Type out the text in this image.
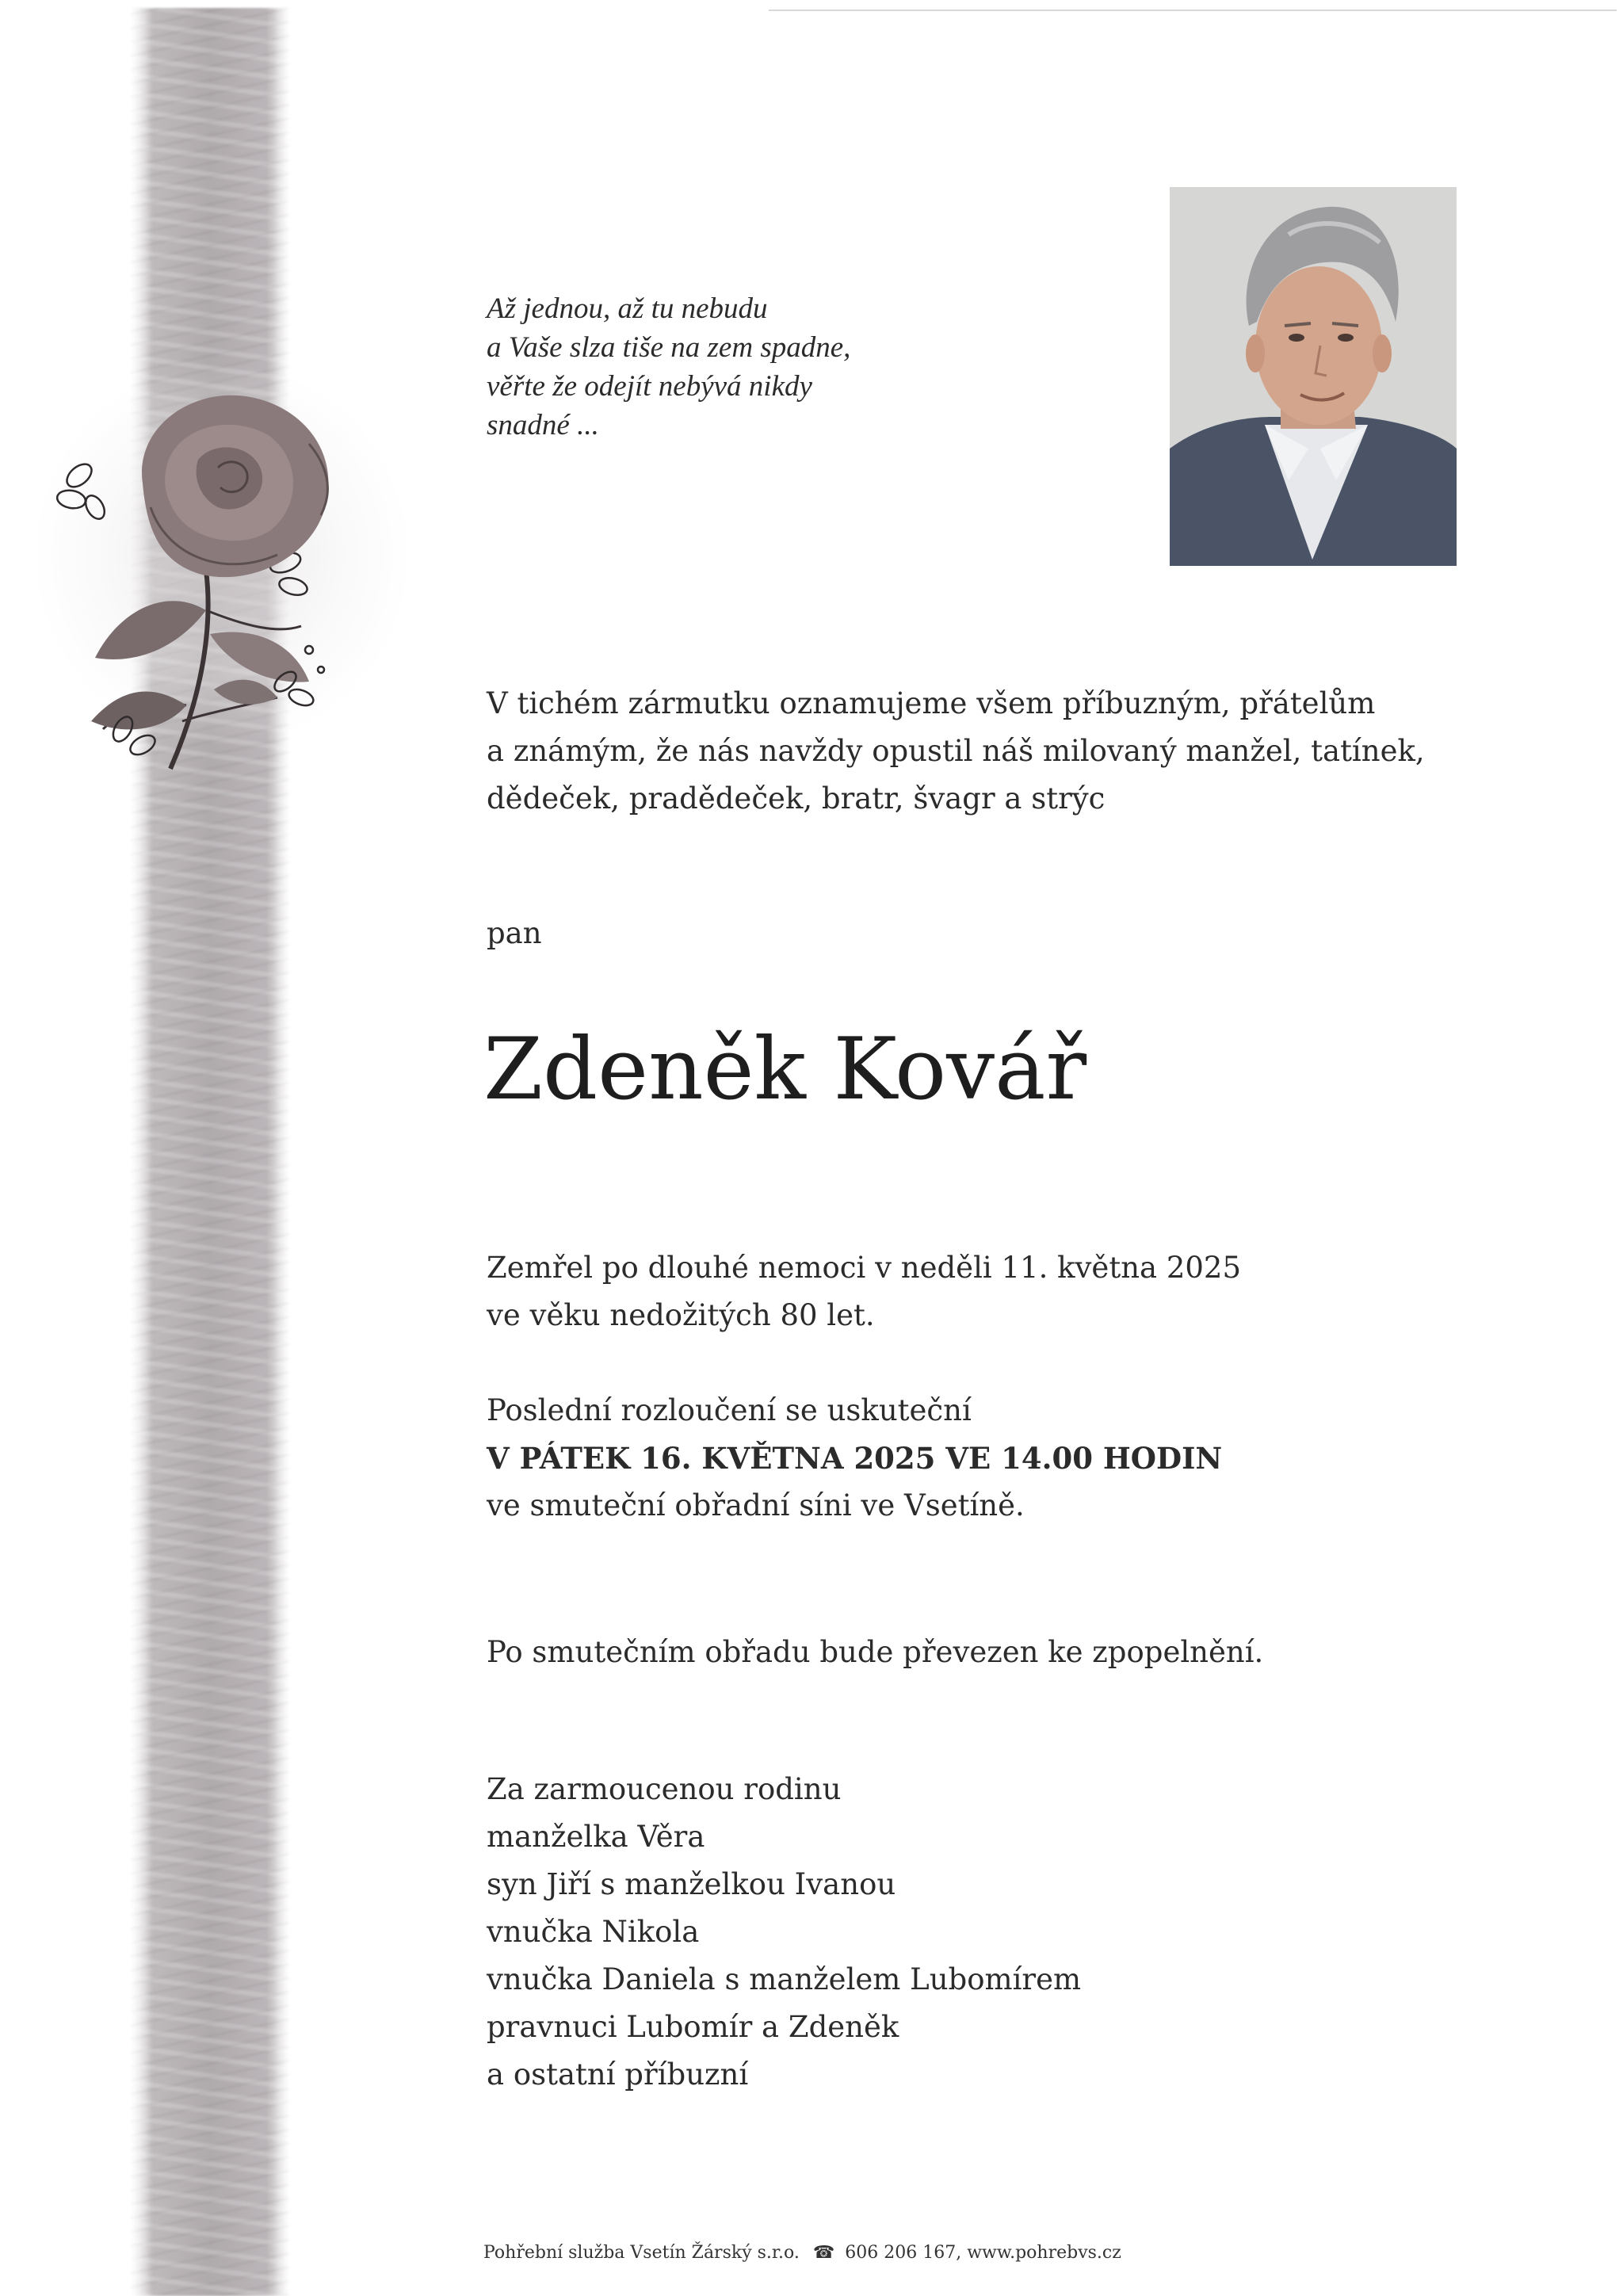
Až jednou, až tu nebudu
a Vaše slza tiše na zem spadne,
věřte že odejít nebývá nikdy
snadné ...
V tichém zármutku oznamujeme všem příbuzným, přátelům
a známým, že nás navždy opustil náš milovaný manžel, tatínek,
dědeček, pradědeček, bratr, švagr a strýc
pan
Zdeněk Kovář
Zemřel po dlouhé nemoci v neděli 11. května 2025
ve věku nedožitých 80 let.
Poslední rozloučení se uskuteční
V PÁTEK 16. KVĚTNA 2025 VE 14.00 HODIN
ve smuteční obřadní síni ve Vsetíně.
Po smutečním obřadu bude převezen ke zpopelnění.
Za zarmoucenou rodinu
manželka Věra
syn Jiří s manželkou Ivanou
vnučka Nikola
vnučka Daniela s manželem Lubomírem
pravnuci Lubomír a Zdeněk
a ostatní příbuzní
Pohřební služba Vsetín Žárský s.r.o. ☎ 606 206 167, www.pohrebvs.cz
